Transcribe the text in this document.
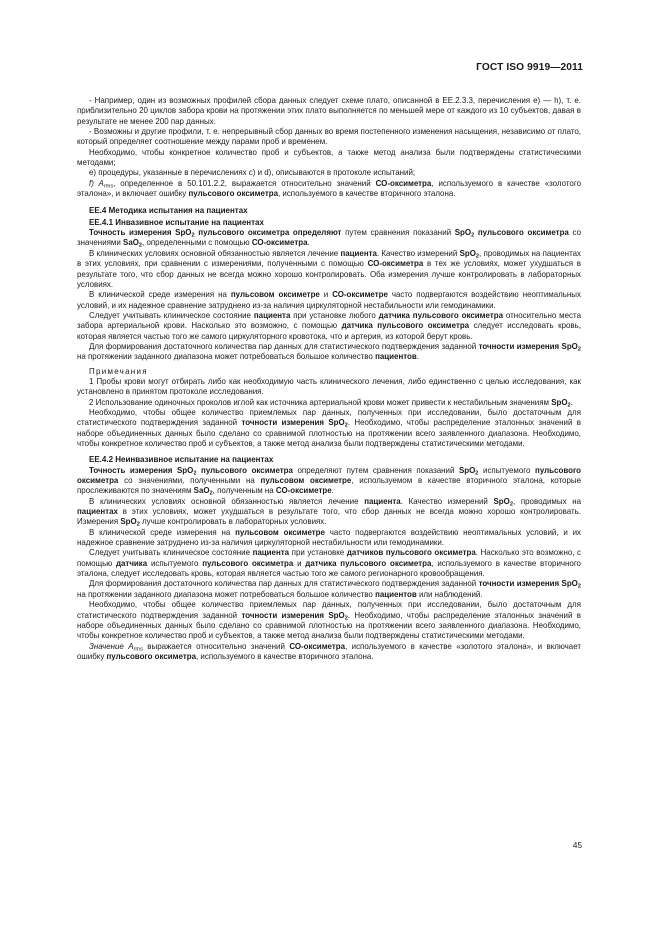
ГОСТ ISO 9919—2011

- Например, один из возможных профилей сбора данных следует схеме плато, описанной в ЕЕ.2.3.3, перечисления е) — h), т. е. приблизительно 20 циклов забора крови на протяжении этих плато выполняется по меньшей мере от каждого из 10 субъектов, давая в результате не менее 200 пар данных.

- Возможны и другие профили, т. е. непрерывный сбор данных во время постепенного изменения насыщения, независимо от плато, который определяет соотношение между парами проб и временем.

Необходимо, чтобы конкретное количество проб и субъектов, а также метод анализа были подтверждены статистическими методами;

е) процедуры, указанные в перечислениях с) и d), описываются в протоколе испытаний;

f) $A_{rms}$, определенное в 50.101.2.2, выражается относительно значений СО-оксиметра, используемого в качестве «золотого эталона», и включает ошибку пульсового оксиметра, используемого в качестве вторичного эталона.

ЕЕ.4 Методика испытания на пациентах
ЕЕ.4.1 Инвазивное испытание на пациентах

Точность измерения SpO$_2$ пульсового оксиметра определяют путем сравнения показаний SpO$_2$ пульсового оксиметра со значениями SaO$_2$, определенными с помощью СО-оксиметра.

В клинических условиях основной обязанностью является лечение пациента. Качество измерений SpO$_2$, проводимых на пациентах в этих условиях, при сравнении с измерениями, полученными с помощью СО-оксиметра в тех же условиях, может ухудшаться в результате того, что сбор данных не всегда можно хорошо контролировать. Оба измерения лучше контролировать в лабораторных условиях.

В клинической среде измерения на пульсовом оксиметре и СО-оксиметре часто подвергаются воздействию неоптимальных условий, и их надежное сравнение затруднено из-за наличия циркуляторной нестабильности или гемодинамики.

Следует учитывать клиническое состояние пациента при установке любого датчика пульсового оксиметра относительно места забора артериальной крови. Насколько это возможно, с помощью датчика пульсового оксиметра следует исследовать кровь, которая является частью того же самого циркуляторного кровотока, что и артерия, из которой берут кровь.

Для формирования достаточного количества пар данных для статистического подтверждения заданной точности измерения SpO$_2$ на протяжении заданного диапазона может потребоваться большое количество пациентов.

Примечания

1 Пробы крови могут отбирать либо как необходимую часть клинического лечения, либо единственно с целью исследования, как установлено в принятом протоколе исследования.

2 Использование одиночных проколов иглой как источника артериальной крови может привести к нестабильным значениям SpO$_2$.

Необходимо, чтобы общее количество приемлемых пар данных, полученных при исследовании, было достаточным для статистического подтверждения заданной точности измерения SpO$_2$. Необходимо, чтобы распределение эталонных значений в наборе объединенных данных было сделано со сравнимой плотностью на протяжении всего заявленного диапазона. Необходимо, чтобы конкретное количество проб и субъектов, а также метод анализа были подтверждены статистическими методами.

ЕЕ.4.2 Неинвазивное испытание на пациентах

Точность измерения SpO$_2$ пульсового оксиметра определяют путем сравнения показаний SpO$_2$ испытуемого пульсового оксиметра со значениями, полученными на пульсовом оксиметре, используемом в качестве вторичного эталона, которые прослеживаются по значениям SaO$_2$, полученным на СО-оксиметре.

В клинических условиях основной обязанностью является лечение пациента. Качество измерений SpO$_2$, проводимых на пациентах в этих условиях, может ухудшаться в результате того, что сбор данных не всегда можно хорошо контролировать. Измерения SpO$_2$ лучше контролировать в лабораторных условиях.

В клинической среде измерения на пульсовом оксиметре часто подвергаются воздействию неоптимальных условий, и их надежное сравнение затруднено из-за наличия циркуляторной нестабильности или гемодинамики.

Следует учитывать клиническое состояние пациента при установке датчиков пульсового оксиметра. Насколько это возможно, с помощью датчика испытуемого пульсового оксиметра и датчика пульсового оксиметра, используемого в качестве вторичного эталона, следует исследовать кровь, которая является частью того же самого регионарного кровообращения.

Для формирования достаточного количества пар данных для статистического подтверждения заданной точности измерения SpO$_2$ на протяжении заданного диапазона может потребоваться большое количество пациентов или наблюдений.

Необходимо, чтобы общее количество приемлемых пар данных, полученных при исследовании, было достаточным для статистического подтверждения заданной точности измерения SpO$_2$. Необходимо, чтобы распределение эталонных значений в наборе объединенных данных было сделано со сравнимой плотностью на протяжении всего заявленного диапазона. Необходимо, чтобы конкретное количество проб и субъектов, а также метод анализа были подтверждены статистическими методами.

Значение $A_{rms}$ выражается относительно значений СО-оксиметра, используемого в качестве «золотого эталона», и включает ошибку пульсового оксиметра, используемого в качестве вторичного эталона.

45
